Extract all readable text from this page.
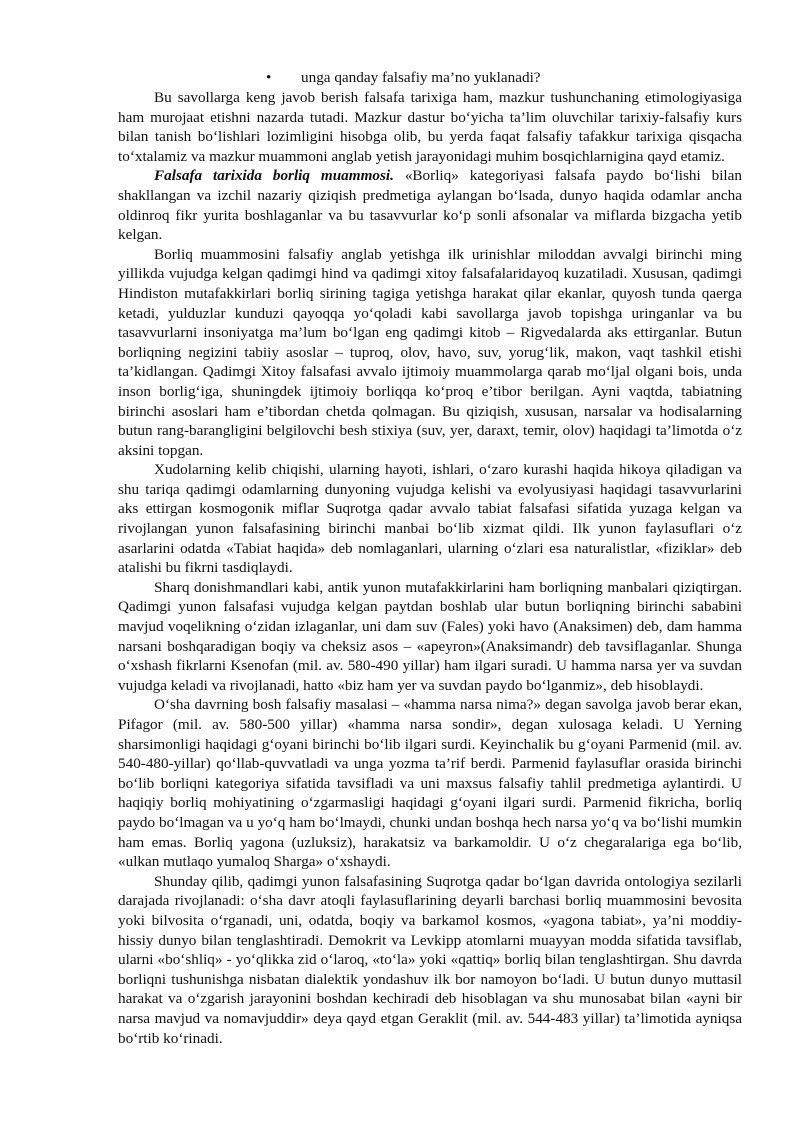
• unga qanday falsafiy ma’no yuklanadi?

Bu savollarga keng javob berish falsafa tarixiga ham, mazkur tushunchaning etimologiyasiga ham murojaat etishni nazarda tutadi. Mazkur dastur bo‘yicha ta’lim oluvchilar tarixiy-falsafiy kurs bilan tanish bo‘lishlari lozimligini hisobga olib, bu yerda faqat falsafiy tafakkur tarixiga qisqacha to‘xtalamiz va mazkur muammoni anglab yetish jarayonidagi muhim bosqichlarnigina qayd etamiz.

Falsafa tarixida borliq muammosi. «Borliq» kategoriyasi falsafa paydo bo‘lishi bilan shakllangan va izchil nazariy qiziqish predmetiga aylangan bo‘lsada, dunyo haqida odamlar ancha oldinroq fikr yurita boshlaganlar va bu tasavvurlar ko‘p sonli afsonalar va miflarda bizgacha yetib kelgan.

Borliq muammosini falsafiy anglab yetishga ilk urinishlar miloddan avvalgi birinchi ming yillikda vujudga kelgan qadimgi hind va qadimgi xitoy falsafalaridayoq kuzatiladi. Xususan, qadimgi Hindiston mutafakkirlari borliq sirining tagiga yetishga harakat qilar ekanlar, quyosh tunda qaerga ketadi, yulduzlar kunduzi qayoqqa yo‘qoladi kabi savollarga javob topishga uringanlar va bu tasavvurlarni insoniyatga ma’lum bo‘lgan eng qadimgi kitob – Rigvedalarda aks ettirganlar. Butun borliqning negizini tabiiy asoslar – tuproq, olov, havo, suv, yorug‘lik, makon, vaqt tashkil etishi ta’kidlangan. Qadimgi Xitoy falsafasi avvalo ijtimoiy muammolarga qarab mo‘ljal olgani bois, unda inson borlig‘iga, shuningdek ijtimoiy borliqqa ko‘proq e’tibor berilgan. Ayni vaqtda, tabiatning birinchi asoslari ham e’tibordan chetda qolmagan. Bu qiziqish, xususan, narsalar va hodisalarning butun rang-barangligini belgilovchi besh stixiya (suv, yer, daraxt, temir, olov) haqidagi ta’limotda o‘z aksini topgan.

Xudolarning kelib chiqishi, ularning hayoti, ishlari, o‘zaro kurashi haqida hikoya qiladigan va shu tariqa qadimgi odamlarning dunyoning vujudga kelishi va evolyusiyasi haqidagi tasavvurlarini aks ettirgan kosmogonik miflar Suqrotga qadar avvalo tabiat falsafasi sifatida yuzaga kelgan va rivojlangan yunon falsafasining birinchi manbai bo‘lib xizmat qildi. Ilk yunon faylasuflari o‘z asarlarini odatda «Tabiat haqida» deb nomlaganlari, ularning o‘zlari esa naturalistlar, «fiziklar» deb atalishi bu fikrni tasdiqlaydi.

Sharq donishmandlari kabi, antik yunon mutafakkirlarini ham borliqning manbalari qiziqtirgan. Qadimgi yunon falsafasi vujudga kelgan paytdan boshlab ular butun borliqning birinchi sababini mavjud voqelikning o‘zidan izlaganlar, uni dam suv (Fales) yoki havo (Anaksimen) deb, dam hamma narsani boshqaradigan boqiy va cheksiz asos – «apeyron»(Anaksimandr) deb tavsiflaganlar. Shunga o‘xshash fikrlarni Ksenofan (mil. av. 580-490 yillar) ham ilgari suradi. U hamma narsa yer va suvdan vujudga keladi va rivojlanadi, hatto «biz ham yer va suvdan paydo bo‘lganmiz», deb hisoblaydi.

O‘sha davrning bosh falsafiy masalasi – «hamma narsa nima?» degan savolga javob berar ekan, Pifagor (mil. av. 580-500 yillar) «hamma narsa sondir», degan xulosaga keladi. U Yerning sharsimonligi haqidagi g‘oyani birinchi bo‘lib ilgari surdi. Keyinchalik bu g‘oyani Parmenid (mil. av. 540-480-yillar) qo‘llab-quvvatladi va unga yozma ta’rif berdi. Parmenid faylasuflar orasida birinchi bo‘lib borliqni kategoriya sifatida tavsifladi va uni maxsus falsafiy tahlil predmetiga aylantirdi. U haqiqiy borliq mohiyatining o‘zgarmasligi haqidagi g‘oyani ilgari surdi. Parmenid fikricha, borliq paydo bo‘lmagan va u yo‘q ham bo‘lmaydi, chunki undan boshqa hech narsa yo‘q va bo‘lishi mumkin ham emas. Borliq yagona (uzluksiz), harakatsiz va barkamoldir. U o‘z chegaralariga ega bo‘lib, «ulkan mutlaqo yumaloq Sharga» o‘xshaydi.

Shunday qilib, qadimgi yunon falsafasining Suqrotga qadar bo‘lgan davrida ontologiya sezilarli darajada rivojlanadi: o‘sha davr atoqli faylasuflarining deyarli barchasi borliq muammosini bevosita yoki bilvosita o‘rganadi, uni, odatda, boqiy va barkamol kosmos, «yagona tabiat», ya’ni moddiy-hissiy dunyo bilan tenglashtiradi. Demokrit va Levkipp atomlarni muayyan modda sifatida tavsiflab, ularni «bo‘shliq» - yo‘qlikka zid o‘laroq, «to‘la» yoki «qattiq» borliq bilan tenglashtirgan. Shu davrda borliqni tushunishga nisbatan dialektik yondashuv ilk bor namoyon bo‘ladi. U butun dunyo muttasil harakat va o‘zgarish jarayonini boshdan kechiradi deb hisoblagan va shu munosabat bilan «ayni bir narsa mavjud va nomavjuddir» deya qayd etgan Geraklit (mil. av. 544-483 yillar) ta’limotida ayniqsa bo‘rtib ko‘rinadi.
